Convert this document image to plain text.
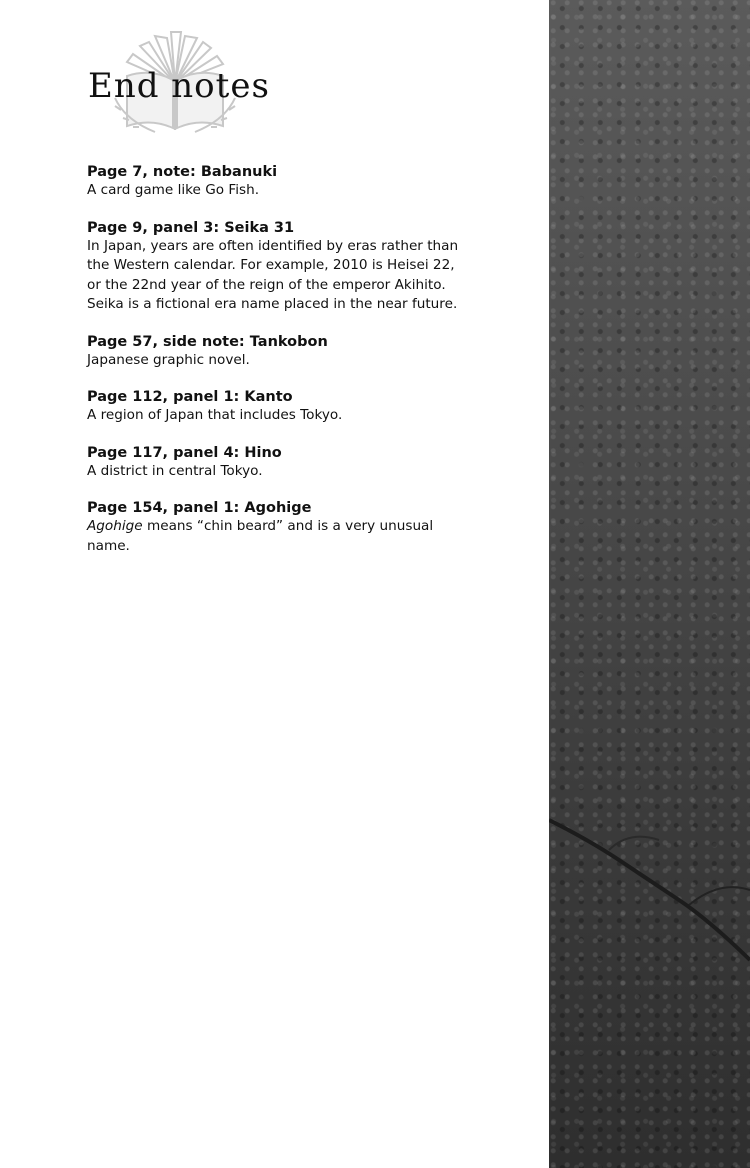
End notes
Page 7, note: Babanuki
A card game like Go Fish.
Page 9, panel 3: Seika 31
In Japan, years are often identified by eras rather than the Western calendar. For example, 2010 is Heisei 22, or the 22nd year of the reign of the emperor Akihito. Seika is a fictional era name placed in the near future.
Page 57, side note: Tankobon
Japanese graphic novel.
Page 112, panel 1: Kanto
A region of Japan that includes Tokyo.
Page 117, panel 4: Hino
A district in central Tokyo.
Page 154, panel 1: Agohige
Agohige means “chin beard” and is a very unusual name.
